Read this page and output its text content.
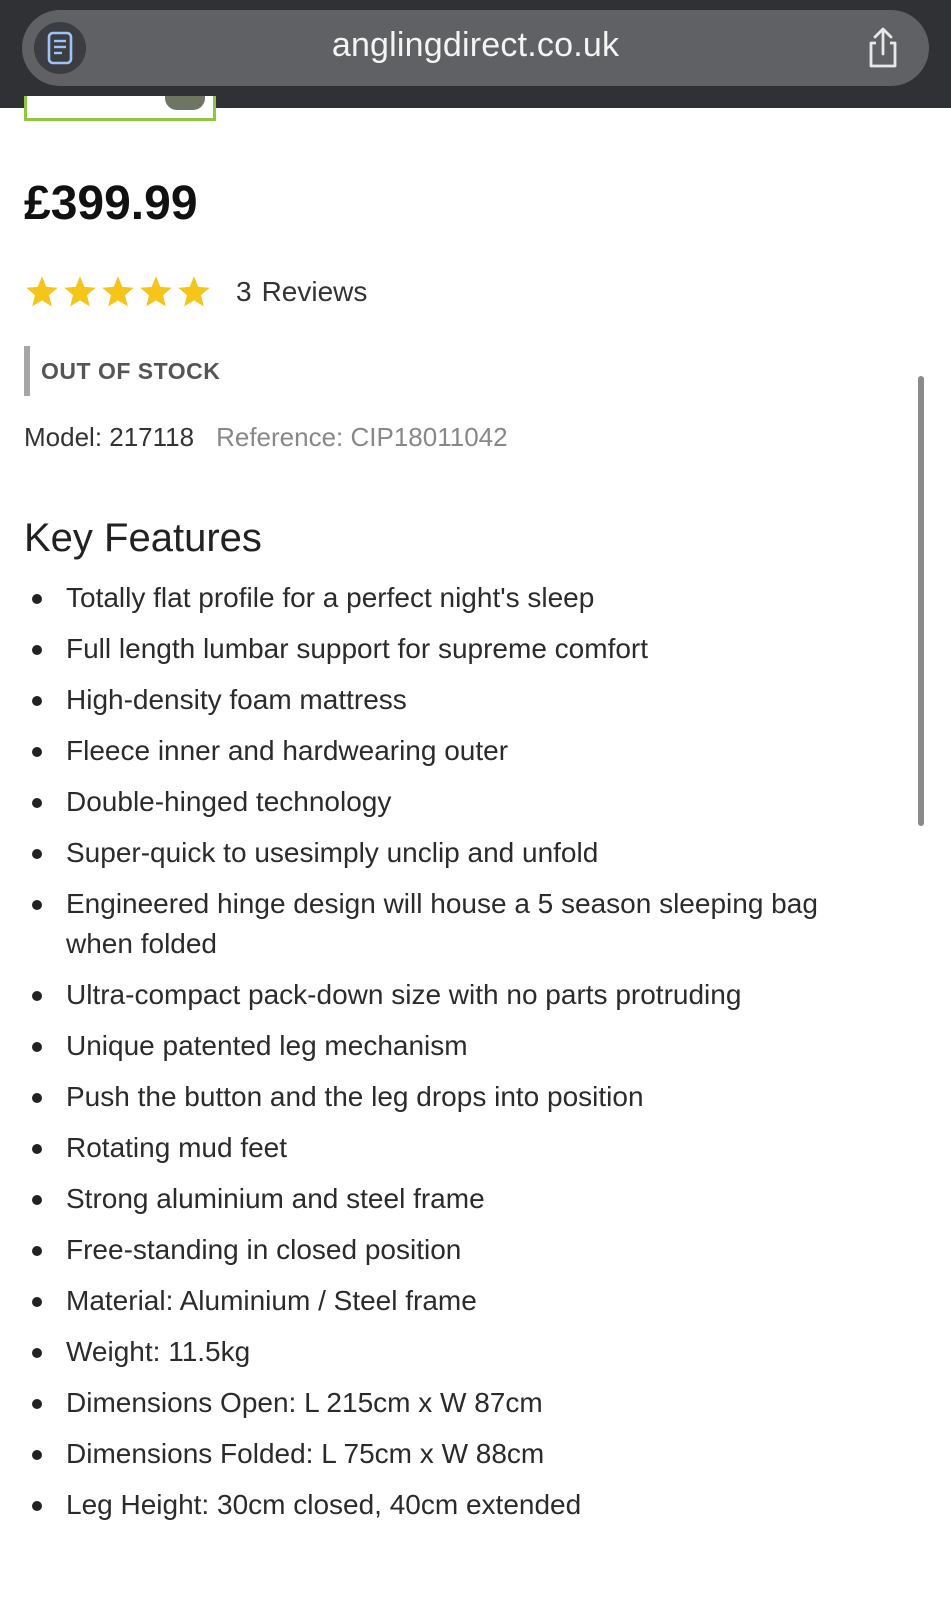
anglingdirect.co.uk
£399.99
3 Reviews
OUT OF STOCK
Model: 217118 Reference: CIP18011042
Key Features
Totally flat profile for a perfect night's sleep
Full length lumbar support for supreme comfort
High-density foam mattress
Fleece inner and hardwearing outer
Double-hinged technology
Super-quick to usesimply unclip and unfold
Engineered hinge design will house a 5 season sleeping bag when folded
Ultra-compact pack-down size with no parts protruding
Unique patented leg mechanism
Push the button and the leg drops into position
Rotating mud feet
Strong aluminium and steel frame
Free-standing in closed position
Material: Aluminium / Steel frame
Weight: 11.5kg
Dimensions Open: L 215cm x W 87cm
Dimensions Folded: L 75cm x W 88cm
Leg Height: 30cm closed, 40cm extended
